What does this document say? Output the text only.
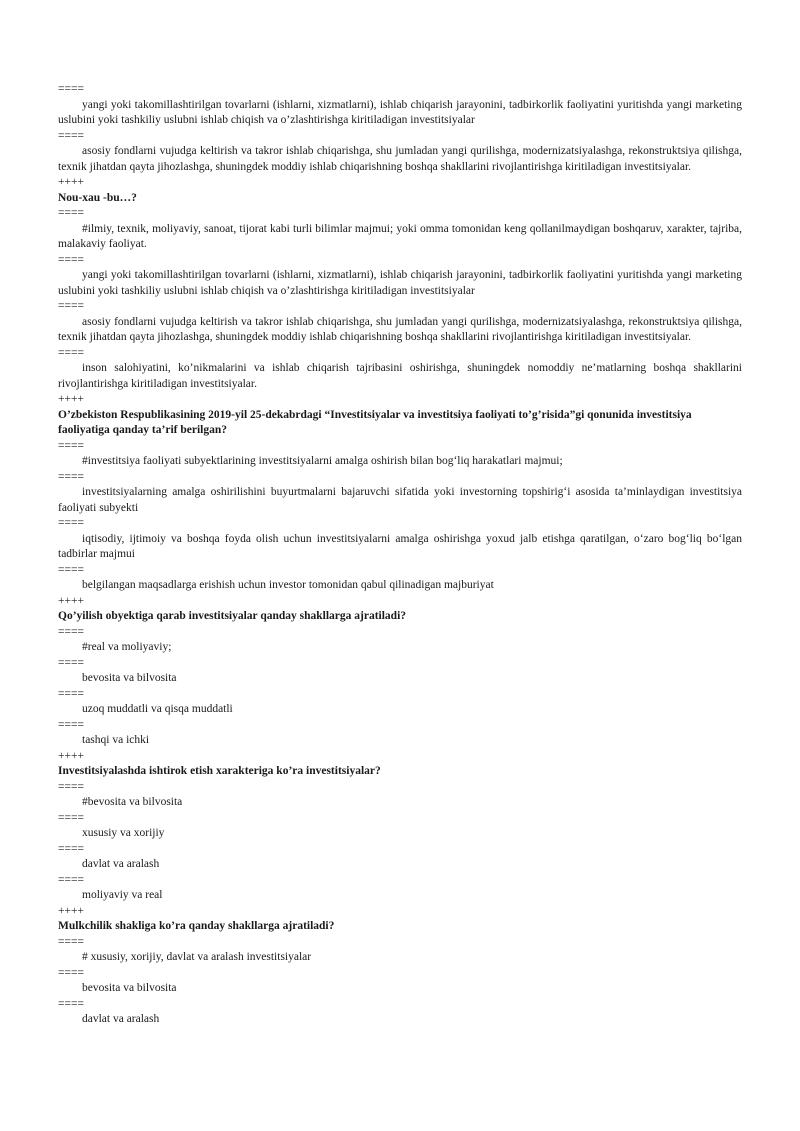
====
yangi yoki takomillashtirilgan tovarlarni (ishlarni, xizmatlarni), ishlab chiqarish jarayonini, tadbirkorlik faoliyatini yuritishda yangi marketing uslubini yoki tashkiliy uslubni ishlab chiqish va o’zlashtirishga kiritiladigan investitsiyalar
====
asosiy fondlarni vujudga keltirish va takror ishlab chiqarishga, shu jumladan yangi qurilishga, modernizatsiyalashga, rekonstruktsiya qilishga, texnik jihatdan qayta jihozlashga, shuningdek moddiy ishlab chiqarishning boshqa shakllarini rivojlantirishga kiritiladigan investitsiyalar.
++++
Nou-xau -bu…?
====
#ilmiy, texnik, moliyaviy, sanoat, tijorat kabi turli bilimlar majmui; yoki omma tomonidan keng qollanilmaydigan boshqaruv, xarakter, tajriba, malakaviy faoliyat.
====
yangi yoki takomillashtirilgan tovarlarni (ishlarni, xizmatlarni), ishlab chiqarish jarayonini, tadbirkorlik faoliyatini yuritishda yangi marketing uslubini yoki tashkiliy uslubni ishlab chiqish va o’zlashtirishga kiritiladigan investitsiyalar
====
asosiy fondlarni vujudga keltirish va takror ishlab chiqarishga, shu jumladan yangi qurilishga, modernizatsiyalashga, rekonstruktsiya qilishga, texnik jihatdan qayta jihozlashga, shuningdek moddiy ishlab chiqarishning boshqa shakllarini rivojlantirishga kiritiladigan investitsiyalar.
====
inson salohiyatini, ko’nikmalarini va ishlab chiqarish tajribasini oshirishga, shuningdek nomoddiy ne’matlarning boshqa shakllarini rivojlantirishga kiritiladigan investitsiyalar.
++++
O’zbekiston Respublikasining 2019-yil 25-dekabrdagi “Investitsiyalar va investitsiya faoliyati to’g’risida”gi qonunida investitsiya faoliyatiga qanday ta’rif berilgan?
====
#investitsiya faoliyati subyektlarining investitsiyalarni amalga oshirish bilan bog‘liq harakatlari majmui;
====
investitsiyalarning amalga oshirilishini buyurtmalarni bajaruvchi sifatida yoki investorning topshirig‘i asosida ta’minlaydigan investitsiya faoliyati subyekti
====
iqtisodiy, ijtimoiy va boshqa foyda olish uchun investitsiyalarni amalga oshirishga yoxud jalb etishga qaratilgan, o‘zaro bog‘liq bo‘lgan tadbirlar majmui
====
belgilangan maqsadlarga erishish uchun investor tomonidan qabul qilinadigan majburiyat
++++
Qo’yilish obyektiga qarab investitsiyalar qanday shakllarga ajratiladi?
====
#real va moliyaviy;
====
bevosita va bilvosita
====
uzoq muddatli va qisqa muddatli
====
tashqi va ichki
++++
Investitsiyalashda ishtirok etish xarakteriga ko’ra investitsiyalar?
====
#bevosita va bilvosita
====
xususiy va xorijiy
====
davlat va aralash
====
moliyaviy va real
++++
Mulkchilik shakliga ko’ra qanday shakllarga ajratiladi?
====
# xususiy, xorijiy, davlat va aralash investitsiyalar
====
bevosita va bilvosita
====
davlat va aralash
